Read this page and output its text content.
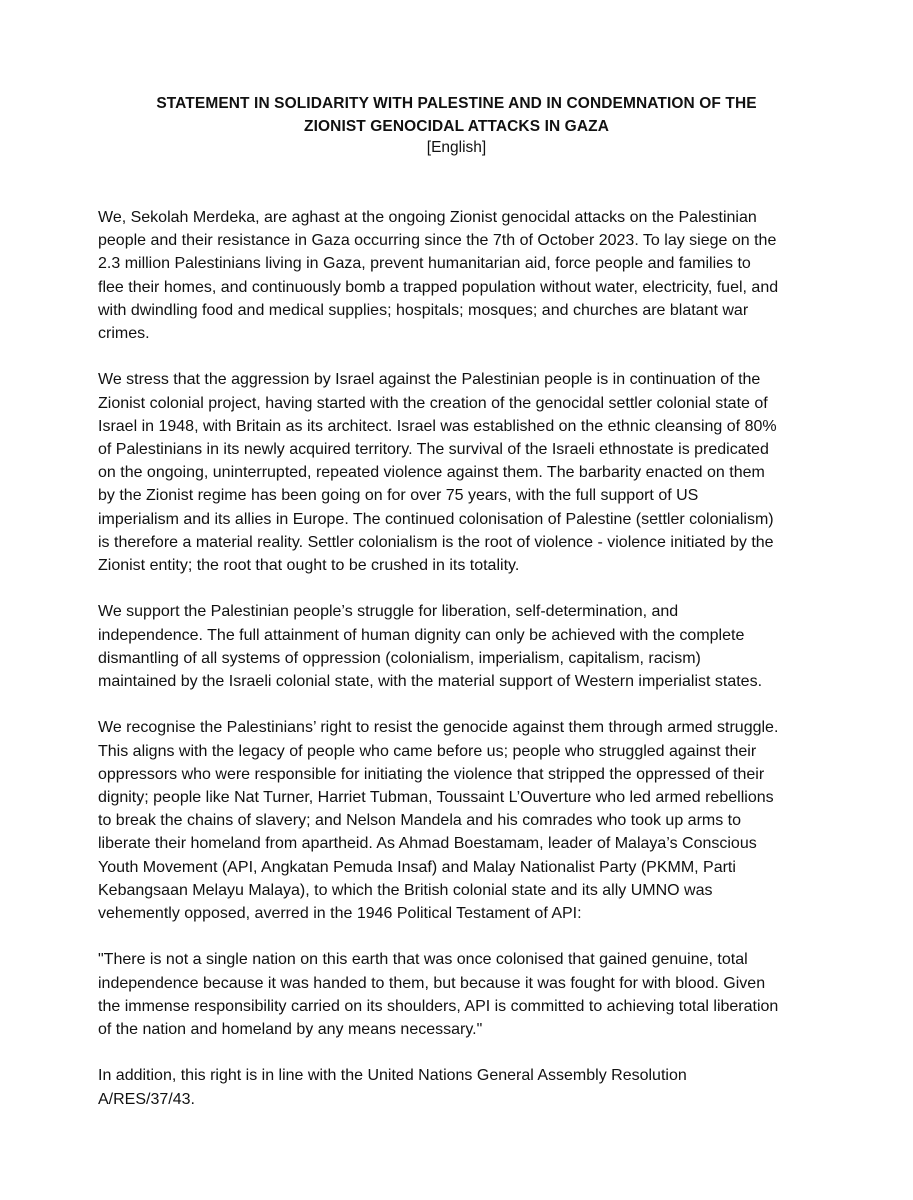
STATEMENT IN SOLIDARITY WITH PALESTINE AND IN CONDEMNATION OF THE
ZIONIST GENOCIDAL ATTACKS IN GAZA
[English]

We, Sekolah Merdeka, are aghast at the ongoing Zionist genocidal attacks on the Palestinian
people and their resistance in Gaza occurring since the 7th of October 2023. To lay siege on the
2.3 million Palestinians living in Gaza, prevent humanitarian aid, force people and families to
flee their homes, and continuously bomb a trapped population without water, electricity, fuel, and
with dwindling food and medical supplies; hospitals; mosques; and churches are blatant war
crimes.

We stress that the aggression by Israel against the Palestinian people is in continuation of the
Zionist colonial project, having started with the creation of the genocidal settler colonial state of
Israel in 1948, with Britain as its architect. Israel was established on the ethnic cleansing of 80%
of Palestinians in its newly acquired territory. The survival of the Israeli ethnostate is predicated
on the ongoing, uninterrupted, repeated violence against them. The barbarity enacted on them
by the Zionist regime has been going on for over 75 years, with the full support of US
imperialism and its allies in Europe. The continued colonisation of Palestine (settler colonialism)
is therefore a material reality. Settler colonialism is the root of violence - violence initiated by the
Zionist entity; the root that ought to be crushed in its totality.

We support the Palestinian people’s struggle for liberation, self-determination, and
independence. The full attainment of human dignity can only be achieved with the complete
dismantling of all systems of oppression (colonialism, imperialism, capitalism, racism)
maintained by the Israeli colonial state, with the material support of Western imperialist states.

We recognise the Palestinians’ right to resist the genocide against them through armed struggle.
This aligns with the legacy of people who came before us; people who struggled against their
oppressors who were responsible for initiating the violence that stripped the oppressed of their
dignity; people like Nat Turner, Harriet Tubman, Toussaint L’Ouverture who led armed rebellions
to break the chains of slavery; and Nelson Mandela and his comrades who took up arms to
liberate their homeland from apartheid. As Ahmad Boestamam, leader of Malaya’s Conscious
Youth Movement (API, Angkatan Pemuda Insaf) and Malay Nationalist Party (PKMM, Parti
Kebangsaan Melayu Malaya), to which the British colonial state and its ally UMNO was
vehemently opposed, averred in the 1946 Political Testament of API:

"There is not a single nation on this earth that was once colonised that gained genuine, total
independence because it was handed to them, but because it was fought for with blood. Given
the immense responsibility carried on its shoulders, API is committed to achieving total liberation
of the nation and homeland by any means necessary."

In addition, this right is in line with the United Nations General Assembly Resolution
A/RES/37/43.
